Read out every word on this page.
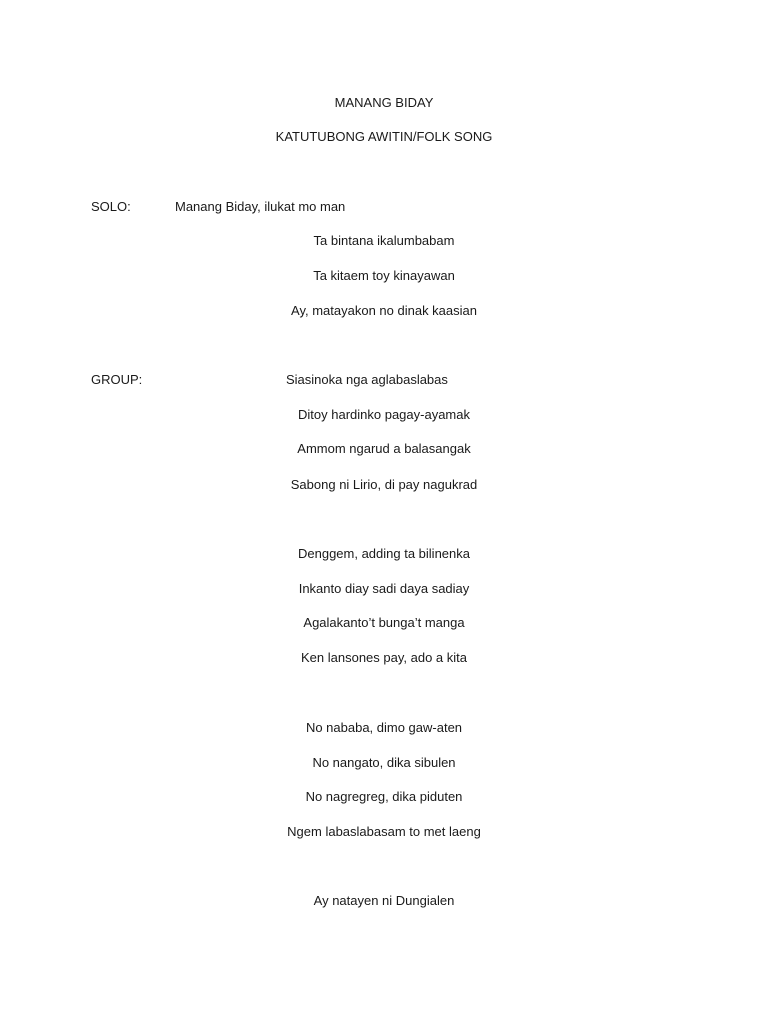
MANANG BIDAY
KATUTUBONG AWITIN/FOLK SONG
SOLO:	Manang Biday, ilukat mo man
Ta bintana ikalumbabam
Ta kitaem toy kinayawan
Ay, matayakon no dinak kaasian
GROUP:	Siasinoka nga aglabaslabas
Ditoy hardinko pagay-ayamak
Ammom ngarud a balasangak
Sabong ni Lirio, di pay nagukrad
Denggem, adding ta bilinenka
Inkanto diay sadi daya sadiay
Agalakanto’t bunga’t manga
Ken lansones pay, ado a kita
No nababa, dimo gaw-aten
No nangato, dika sibulen
No nagregreg, dika piduten
Ngem labaslabasam to met laeng
Ay natayen ni Dungialen
